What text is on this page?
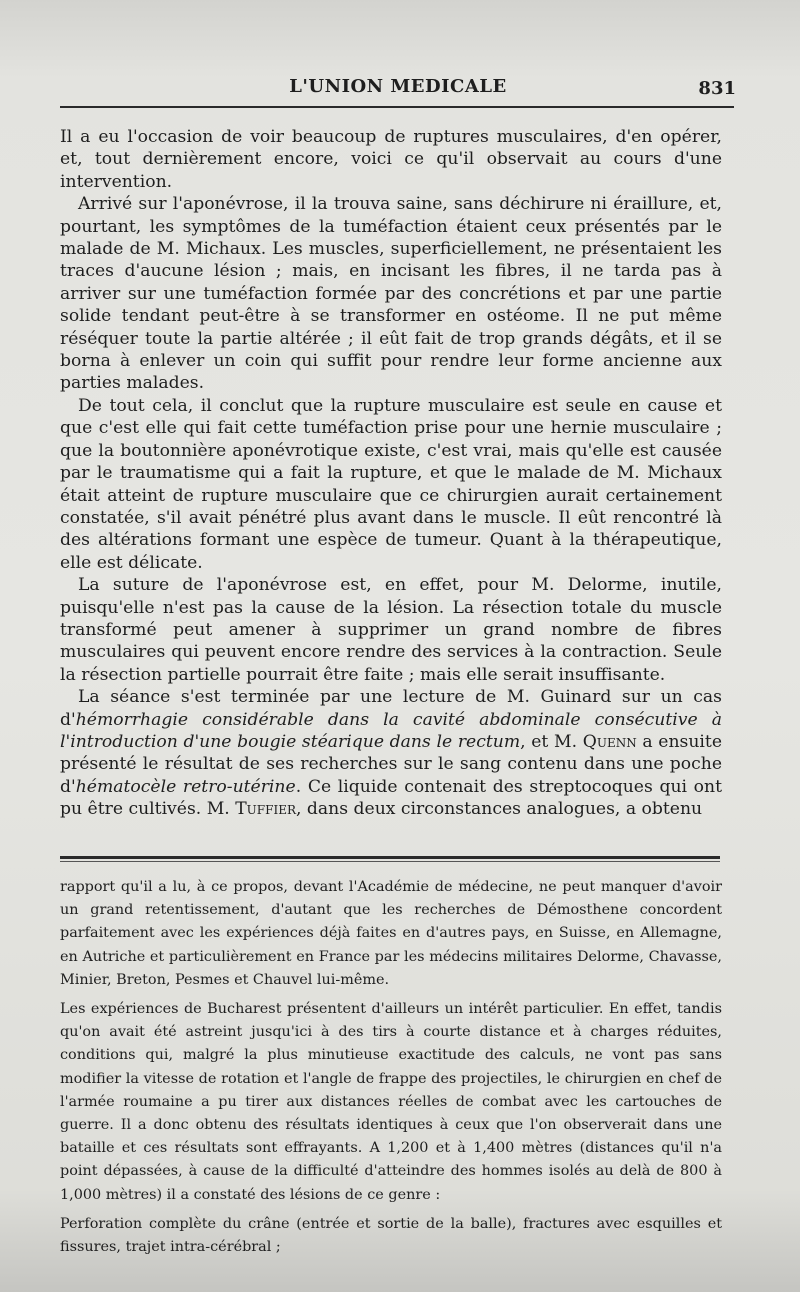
L'UNION MEDICALE	831

Il a eu l'occasion de voir beaucoup de ruptures musculaires, d'en opérer, et, tout dernièrement encore, voici ce qu'il observait au cours d'une intervention.

Arrivé sur l'aponévrose, il la trouva saine, sans déchirure ni éraillure, et, pourtant, les symptômes de la tuméfaction étaient ceux présentés par le malade de M. Michaux. Les muscles, superficiellement, ne présentaient les traces d'aucune lésion ; mais, en incisant les fibres, il ne tarda pas à arriver sur une tuméfaction formée par des concrétions et par une partie solide tendant peut-être à se transformer en ostéome. Il ne put même réséquer toute la partie altérée ; il eût fait de trop grands dégâts, et il se borna à enlever un coin qui suffit pour rendre leur forme ancienne aux parties malades.

De tout cela, il conclut que la rupture musculaire est seule en cause et que c'est elle qui fait cette tuméfaction prise pour une hernie musculaire ; que la boutonnière aponévrotique existe, c'est vrai, mais qu'elle est causée par le traumatisme qui a fait la rupture, et que le malade de M. Michaux était atteint de rupture musculaire que ce chirurgien aurait certainement constatée, s'il avait pénétré plus avant dans le muscle. Il eût rencontré là des altérations formant une espèce de tumeur. Quant à la thérapeutique, elle est délicate.

La suture de l'aponévrose est, en effet, pour M. Delorme, inutile, puisqu'elle n'est pas la cause de la lésion. La résection totale du muscle transformé peut amener à supprimer un grand nombre de fibres musculaires qui peuvent encore rendre des services à la contraction. Seule la résection partielle pourrait être faite ; mais elle serait insuffisante.

La séance s'est terminée par une lecture de M. Guinard sur un cas d'hémorrhagie considérable dans la cavité abdominale consécutive à l'introduction d'une bougie stéarique dans le rectum, et M. Quenn a ensuite présenté le résultat de ses recherches sur le sang contenu dans une poche d'hématocèle retro-utérine. Ce liquide contenait des streptocoques qui ont pu être cultivés. M. Tuffier, dans deux circonstances analogues, a obtenu

rapport qu'il a lu, à ce propos, devant l'Académie de médecine, ne peut manquer d'avoir un grand retentissement, d'autant que les recherches de Démosthene concordent parfaitement avec les expériences déjà faites en d'autres pays, en Suisse, en Allemagne, en Autriche et particulièrement en France par les médecins militaires Delorme, Chavasse, Minier, Breton, Pesmes et Chauvel lui-même.

Les expériences de Bucharest présentent d'ailleurs un intérêt particulier. En effet, tandis qu'on avait été astreint jusqu'ici à des tirs à courte distance et à charges réduites, conditions qui, malgré la plus minutieuse exactitude des calculs, ne vont pas sans modifier la vitesse de rotation et l'angle de frappe des projectiles, le chirurgien en chef de l'armée roumaine a pu tirer aux distances réelles de combat avec les cartouches de guerre. Il a donc obtenu des résultats identiques à ceux que l'on observerait dans une bataille et ces résultats sont effrayants. A 1,200 et à 1,400 mètres (distances qu'il n'a point dépassées, à cause de la difficulté d'atteindre des hommes isolés au delà de 800 à 1,000 mètres) il a constaté des lésions de ce genre :

Perforation complète du crâne (entrée et sortie de la balle), fractures avec esquilles et fissures, trajet intra-cérébral ;
